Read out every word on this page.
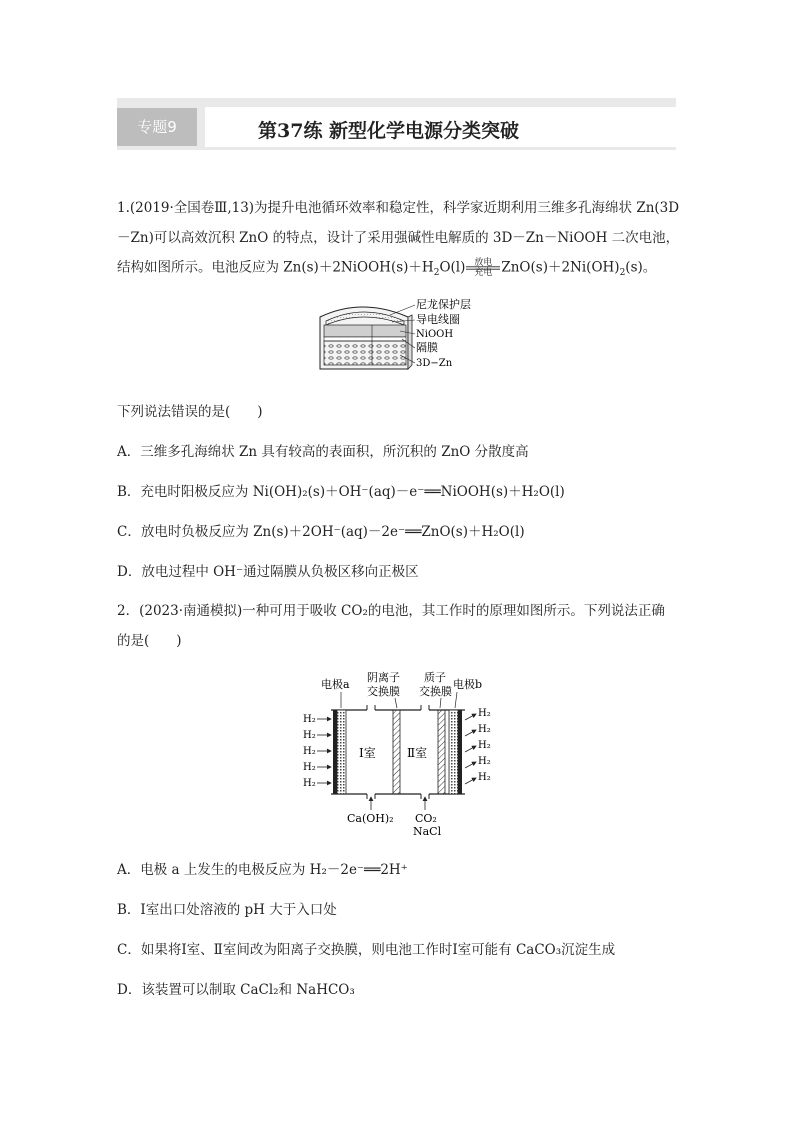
专题9	第37练 新型化学电源分类突破
1.(2019·全国卷Ⅲ,13)为提升电池循环效率和稳定性，科学家近期利用三维多孔海绵状 Zn(3D
－Zn)可以高效沉积 ZnO 的特点，设计了采用强碱性电解质的 3D－Zn－NiOOH 二次电池，
结构如图所示。电池反应为 $Zn(s)+2NiOOH(s)+H_2O(l)$ 放电
充电 $ZnO(s)+2Ni(OH)_2(s)$。
尼龙保护层
导电线圈
NiOOH
隔膜
3D−Zn
下列说法错误的是(　　)
A．三维多孔海绵状 Zn 具有较高的表面积，所沉积的 ZnO 分散度高
B．充电时阳极反应为 Ni(OH)₂(s)＋OH⁻(aq)－e⁻══NiOOH(s)＋H₂O(l)
C．放电时负极反应为 Zn(s)＋2OH⁻(aq)－2e⁻══ZnO(s)＋H₂O(l)
D．放电过程中 OH⁻通过隔膜从负极区移向正极区
2．(2023·南通模拟)一种可用于吸收 CO₂的电池，其工作时的原理如图所示。下列说法正确
的是(　　)
电极a
阴离子
交换膜
质子
交换膜
电极b
Ⅰ室	Ⅱ室
H₂
H₂
H₂
H₂
H₂
H₂
H₂
H₂
H₂
H₂
Ca(OH)₂ CO₂
NaCl
A．电极 a 上发生的电极反应为 H₂－2e⁻══2H⁺
B．Ⅰ室出口处溶液的 pH 大于入口处
C．如果将Ⅰ室、Ⅱ室间改为阳离子交换膜，则电池工作时Ⅰ室可能有 CaCO₃沉淀生成
D．该装置可以制取 CaCl₂和 NaHCO₃
